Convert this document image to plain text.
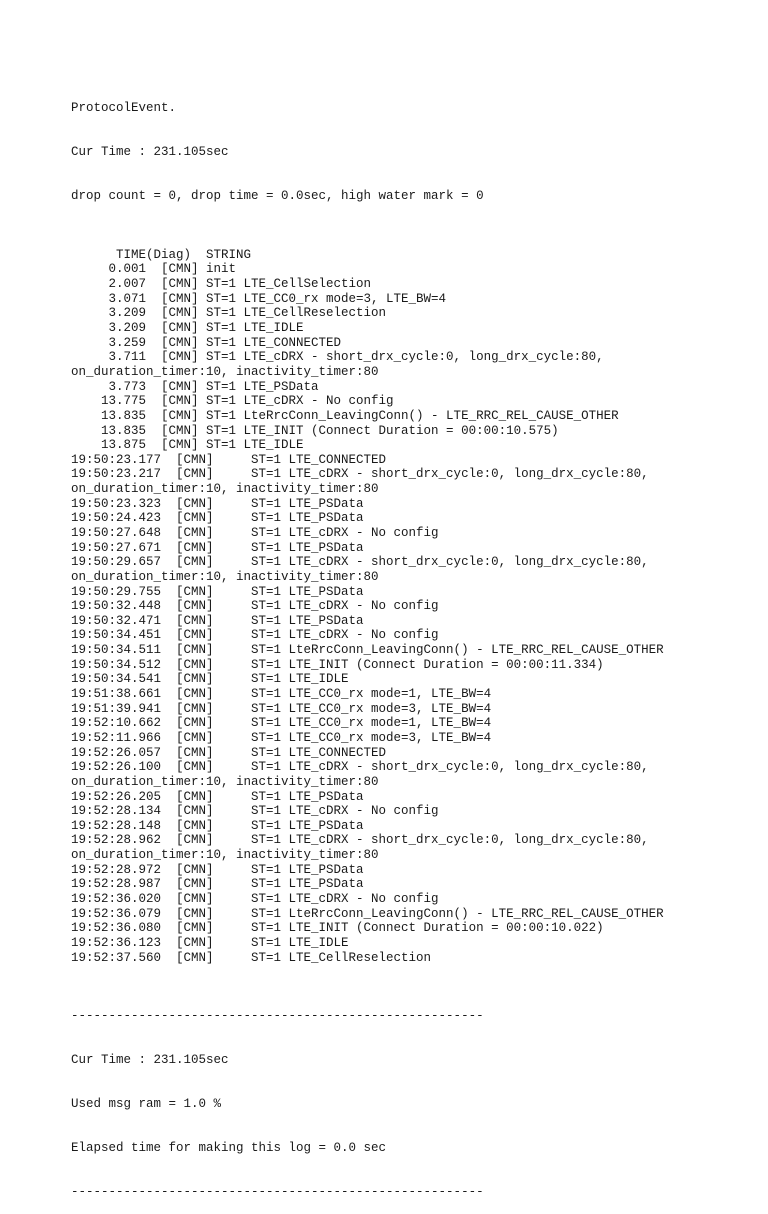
ProtocolEvent.

Cur Time : 231.105sec

drop count = 0, drop time = 0.0sec, high water mark = 0

TIME(Diag)  STRING
0.001  [CMN] init
2.007  [CMN] ST=1 LTE_CellSelection
3.071  [CMN] ST=1 LTE_CC0_rx mode=3, LTE_BW=4
3.209  [CMN] ST=1 LTE_CellReselection
3.209  [CMN] ST=1 LTE_IDLE
3.259  [CMN] ST=1 LTE_CONNECTED
3.711  [CMN] ST=1 LTE_cDRX - short_drx_cycle:0, long_drx_cycle:80,
on_duration_timer:10, inactivity_timer:80
3.773  [CMN] ST=1 LTE_PSData
13.775  [CMN] ST=1 LTE_cDRX - No config
13.835  [CMN] ST=1 LteRrcConn_LeavingConn() - LTE_RRC_REL_CAUSE_OTHER
13.835  [CMN] ST=1 LTE_INIT (Connect Duration = 00:00:10.575)
13.875  [CMN] ST=1 LTE_IDLE
19:50:23.177  [CMN]     ST=1 LTE_CONNECTED
19:50:23.217  [CMN]     ST=1 LTE_cDRX - short_drx_cycle:0, long_drx_cycle:80,
on_duration_timer:10, inactivity_timer:80
19:50:23.323  [CMN]     ST=1 LTE_PSData
19:50:24.423  [CMN]     ST=1 LTE_PSData
19:50:27.648  [CMN]     ST=1 LTE_cDRX - No config
19:50:27.671  [CMN]     ST=1 LTE_PSData
19:50:29.657  [CMN]     ST=1 LTE_cDRX - short_drx_cycle:0, long_drx_cycle:80,
on_duration_timer:10, inactivity_timer:80
19:50:29.755  [CMN]     ST=1 LTE_PSData
19:50:32.448  [CMN]     ST=1 LTE_cDRX - No config
19:50:32.471  [CMN]     ST=1 LTE_PSData
19:50:34.451  [CMN]     ST=1 LTE_cDRX - No config
19:50:34.511  [CMN]     ST=1 LteRrcConn_LeavingConn() - LTE_RRC_REL_CAUSE_OTHER
19:50:34.512  [CMN]     ST=1 LTE_INIT (Connect Duration = 00:00:11.334)
19:50:34.541  [CMN]     ST=1 LTE_IDLE
19:51:38.661  [CMN]     ST=1 LTE_CC0_rx mode=1, LTE_BW=4
19:51:39.941  [CMN]     ST=1 LTE_CC0_rx mode=3, LTE_BW=4
19:52:10.662  [CMN]     ST=1 LTE_CC0_rx mode=1, LTE_BW=4
19:52:11.966  [CMN]     ST=1 LTE_CC0_rx mode=3, LTE_BW=4
19:52:26.057  [CMN]     ST=1 LTE_CONNECTED
19:52:26.100  [CMN]     ST=1 LTE_cDRX - short_drx_cycle:0, long_drx_cycle:80,
on_duration_timer:10, inactivity_timer:80
19:52:26.205  [CMN]     ST=1 LTE_PSData
19:52:28.134  [CMN]     ST=1 LTE_cDRX - No config
19:52:28.148  [CMN]     ST=1 LTE_PSData
19:52:28.962  [CMN]     ST=1 LTE_cDRX - short_drx_cycle:0, long_drx_cycle:80,
on_duration_timer:10, inactivity_timer:80
19:52:28.972  [CMN]     ST=1 LTE_PSData
19:52:28.987  [CMN]     ST=1 LTE_PSData
19:52:36.020  [CMN]     ST=1 LTE_cDRX - No config
19:52:36.079  [CMN]     ST=1 LteRrcConn_LeavingConn() - LTE_RRC_REL_CAUSE_OTHER
19:52:36.080  [CMN]     ST=1 LTE_INIT (Connect Duration = 00:00:10.022)
19:52:36.123  [CMN]     ST=1 LTE_IDLE
19:52:37.560  [CMN]     ST=1 LTE_CellReselection

-------------------------------------------------------

Cur Time : 231.105sec

Used msg ram = 1.0 %

Elapsed time for making this log = 0.0 sec

-------------------------------------------------------
